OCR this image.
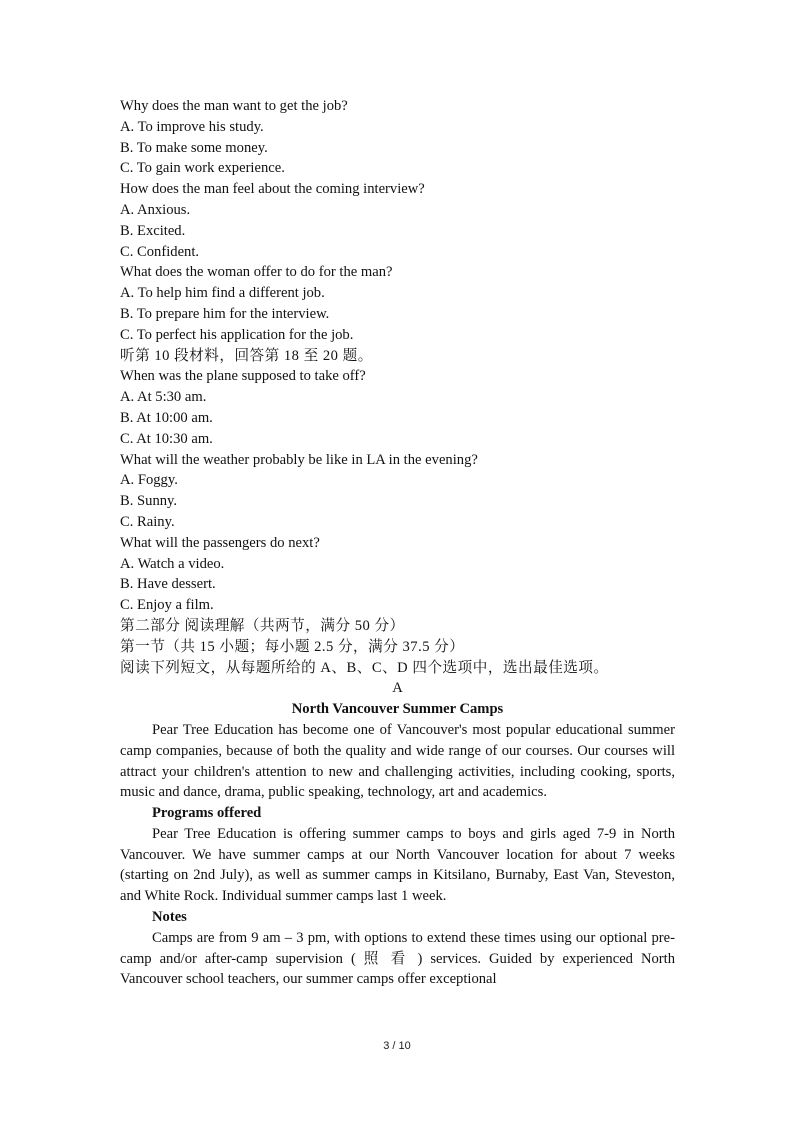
Why does the man want to get the job?

A. To improve his study.

B. To make some money.

C. To gain work experience.

How does the man feel about the coming interview?

A. Anxious.

B. Excited.

C. Confident.

What does the woman offer to do for the man?

A. To help him find a different job.

B. To prepare him for the interview.

C. To perfect his application for the job.

听第 10 段材料，回答第 18 至 20 题。

When was the plane supposed to take off?

A. At 5:30 am.

B. At 10:00 am.

C. At 10:30 am.

What will the weather probably be like in LA in the evening?

A. Foggy.

B. Sunny.

C. Rainy.

What will the passengers do next?

A. Watch a video.

B. Have dessert.

C. Enjoy a film.

第二部分 阅读理解（共两节，满分 50 分）

第一节（共 15 小题；每小题 2.5 分，满分 37.5 分）

阅读下列短文，从每题所给的 A、B、C、D 四个选项中，选出最佳选项。

A

North Vancouver Summer Camps

Pear Tree Education has become one of Vancouver's most popular educational summer camp companies, because of both the quality and wide range of our courses. Our courses will attract your children's attention to new and challenging activities, including cooking, sports, music and dance, drama, public speaking, technology, art and academics.

Programs offered

Pear Tree Education is offering summer camps to boys and girls aged 7-9 in North Vancouver. We have summer camps at our North Vancouver location for about 7 weeks (starting on 2nd July), as well as summer camps in Kitsilano, Burnaby, East Van, Steveston, and White Rock. Individual summer camps last 1 week.

Notes

Camps are from 9 am – 3 pm, with options to extend these times using our optional pre-camp and/or after-camp supervision ( 照 看 ) services. Guided by experienced North Vancouver school teachers, our summer camps offer exceptional

3 / 10
